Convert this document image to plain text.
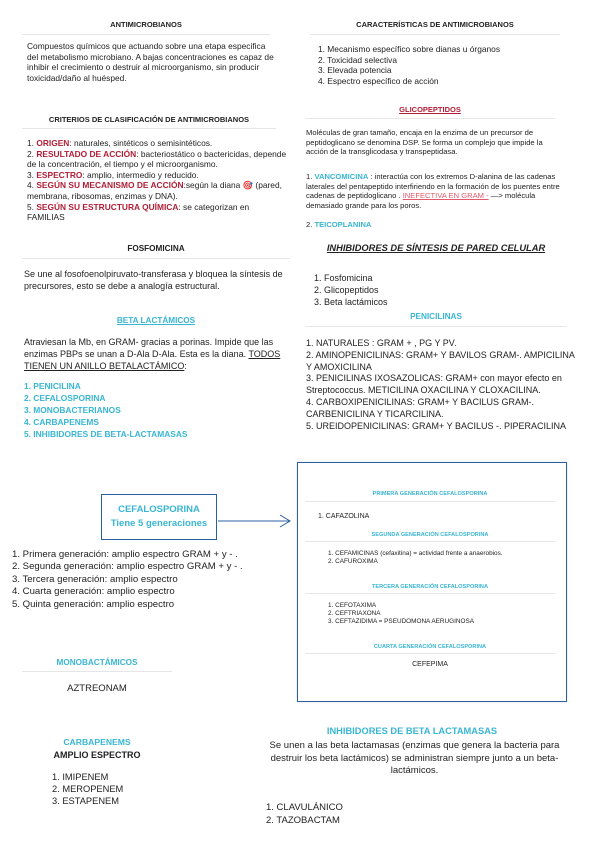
ANTIMICROBIANOS
Compuestos químicos que actuando sobre una etapa especifica del metabolismo microbiano. A bajas concentraciones es capaz de inhibir el crecimiento o destruir al microorganismo, sin producir toxicidad/daño al huésped.
CARACTERÍSTICAS DE ANTIMICROBIANOS
1. Mecanismo específico sobre dianas u órganos
2. Toxicidad selectiva
3. Elevada potencia
4. Espectro específico de acción
CRITERIOS DE CLASIFICACIÓN DE ANTIMICROBIANOS
1. ORIGEN: naturales, sintéticos o semisintéticos.
2. RESULTADO DE ACCIÓN: bacteriostático o bactericidas, depende de la concentración, el tiempo y el microorganismo.
3. ESPECTRO: amplio, intermedio y reducido.
4. SEGÚN SU MECANISMO DE ACCIÓN:según la diana 🎯 (pared, membrana, ribosomas, enzimas y DNA).
5. SEGÚN SU ESTRUCTURA QUÍMICA: se categorizan en FAMILIAS
GLICOPEPTIDOS
Moléculas de gran tamaño, encaja en la enzima de un precursor de peptidoglicano se denomina DSP. Se forma un complejo que impide la acción de la transglicodasa y transpeptidasa.
1. VANCOMICINA : interactúa con los extremos D-alanina de las cadenas laterales del pentapeptido interfiriendo en la formación de los puentes entre cadenas de peptidoglicano . INEFECTIVA EN GRAM - —> molécula demasiado grande para los poros.
2. TEICOPLANINA
FOSFOMICINA
Se une al fosofoenolpiruvato-transferasa y bloquea la síntesis de precursores, esto se debe a analogía estructural.
INHIBIDORES DE SÍNTESIS DE PARED CELULAR
1. Fosfomicina
2. Glicopeptidos
3. Beta lactámicos
BETA LACTÁMICOS
Atraviesan la Mb, en GRAM- gracias a porinas. Impide que las enzimas PBPs se unan a D-Ala D-Ala. Esta es la diana. TODOS TIENEN UN ANILLO BETALACTÁMICO:
1. PENICILINA
2. CEFALOSPORINA
3. MONOBACTERIANOS
4. CARBAPENEMS
5. INHIBIDORES DE BETA-LACTAMASAS
PENICILINAS
1. NATURALES : GRAM + , PG Y PV.
2. AMINOPENICILINAS: GRAM+ Y BAVILOS GRAM-. AMPICILINA Y AMOXICILINA
3. PENICILINAS IXOSAZOLICAS: GRAM+ con mayor efecto en Streptococcus. METICILINA OXACILINA Y CLOXACILINA.
4. CARBOXIPENICILINAS: GRAM+ Y BACILUS GRAM-. CARBENICILINA Y TICARCILINA.
5. UREIDOPENICILINAS: GRAM+ Y BACILUS -. PIPERACILINA
CEFALOSPORINA
Tiene 5 generaciones
1. Primera generación: amplio espectro GRAM + y - .
2. Segunda generación: amplio espectro GRAM + y - .
3. Tercera generación: amplio espectro
4. Cuarta generación: amplio espectro
5. Quinta generación: amplio espectro
PRIMERA GENERACIÓN CEFALOSPORINA
1. CAFAZOLINA
SEGUNDA GENERACIÓN CEFALOSPORINA
1. CEFAMICINAS (cefaxitina) = actividad frente a anaerobios.
2. CAFUROXIMA
TERCERA GENERACIÓN CEFALOSPORINA
1. CEFOTAXIMA
2. CEFTRIAXONA
3. CEFTAZIDIMA = PSEUDOMONA AERUGINOSA
CUARTA GENERACIÓN CEFALOSPORINA
CEFEPIMA
MONOBACTÁMICOS
AZTREONAM
CARBAPENEMS
AMPLIO ESPECTRO
1. IMIPENEM
2. MEROPENEM
3. ESTAPENEM
INHIBIDORES DE BETA LACTAMASAS
Se unen a las beta lactamasas (enzimas que genera la bacteria para destruir los beta lactámicos) se administran siempre junto a un beta- lactámicos.
1. CLAVULÁNICO
2. TAZOBACTAM
